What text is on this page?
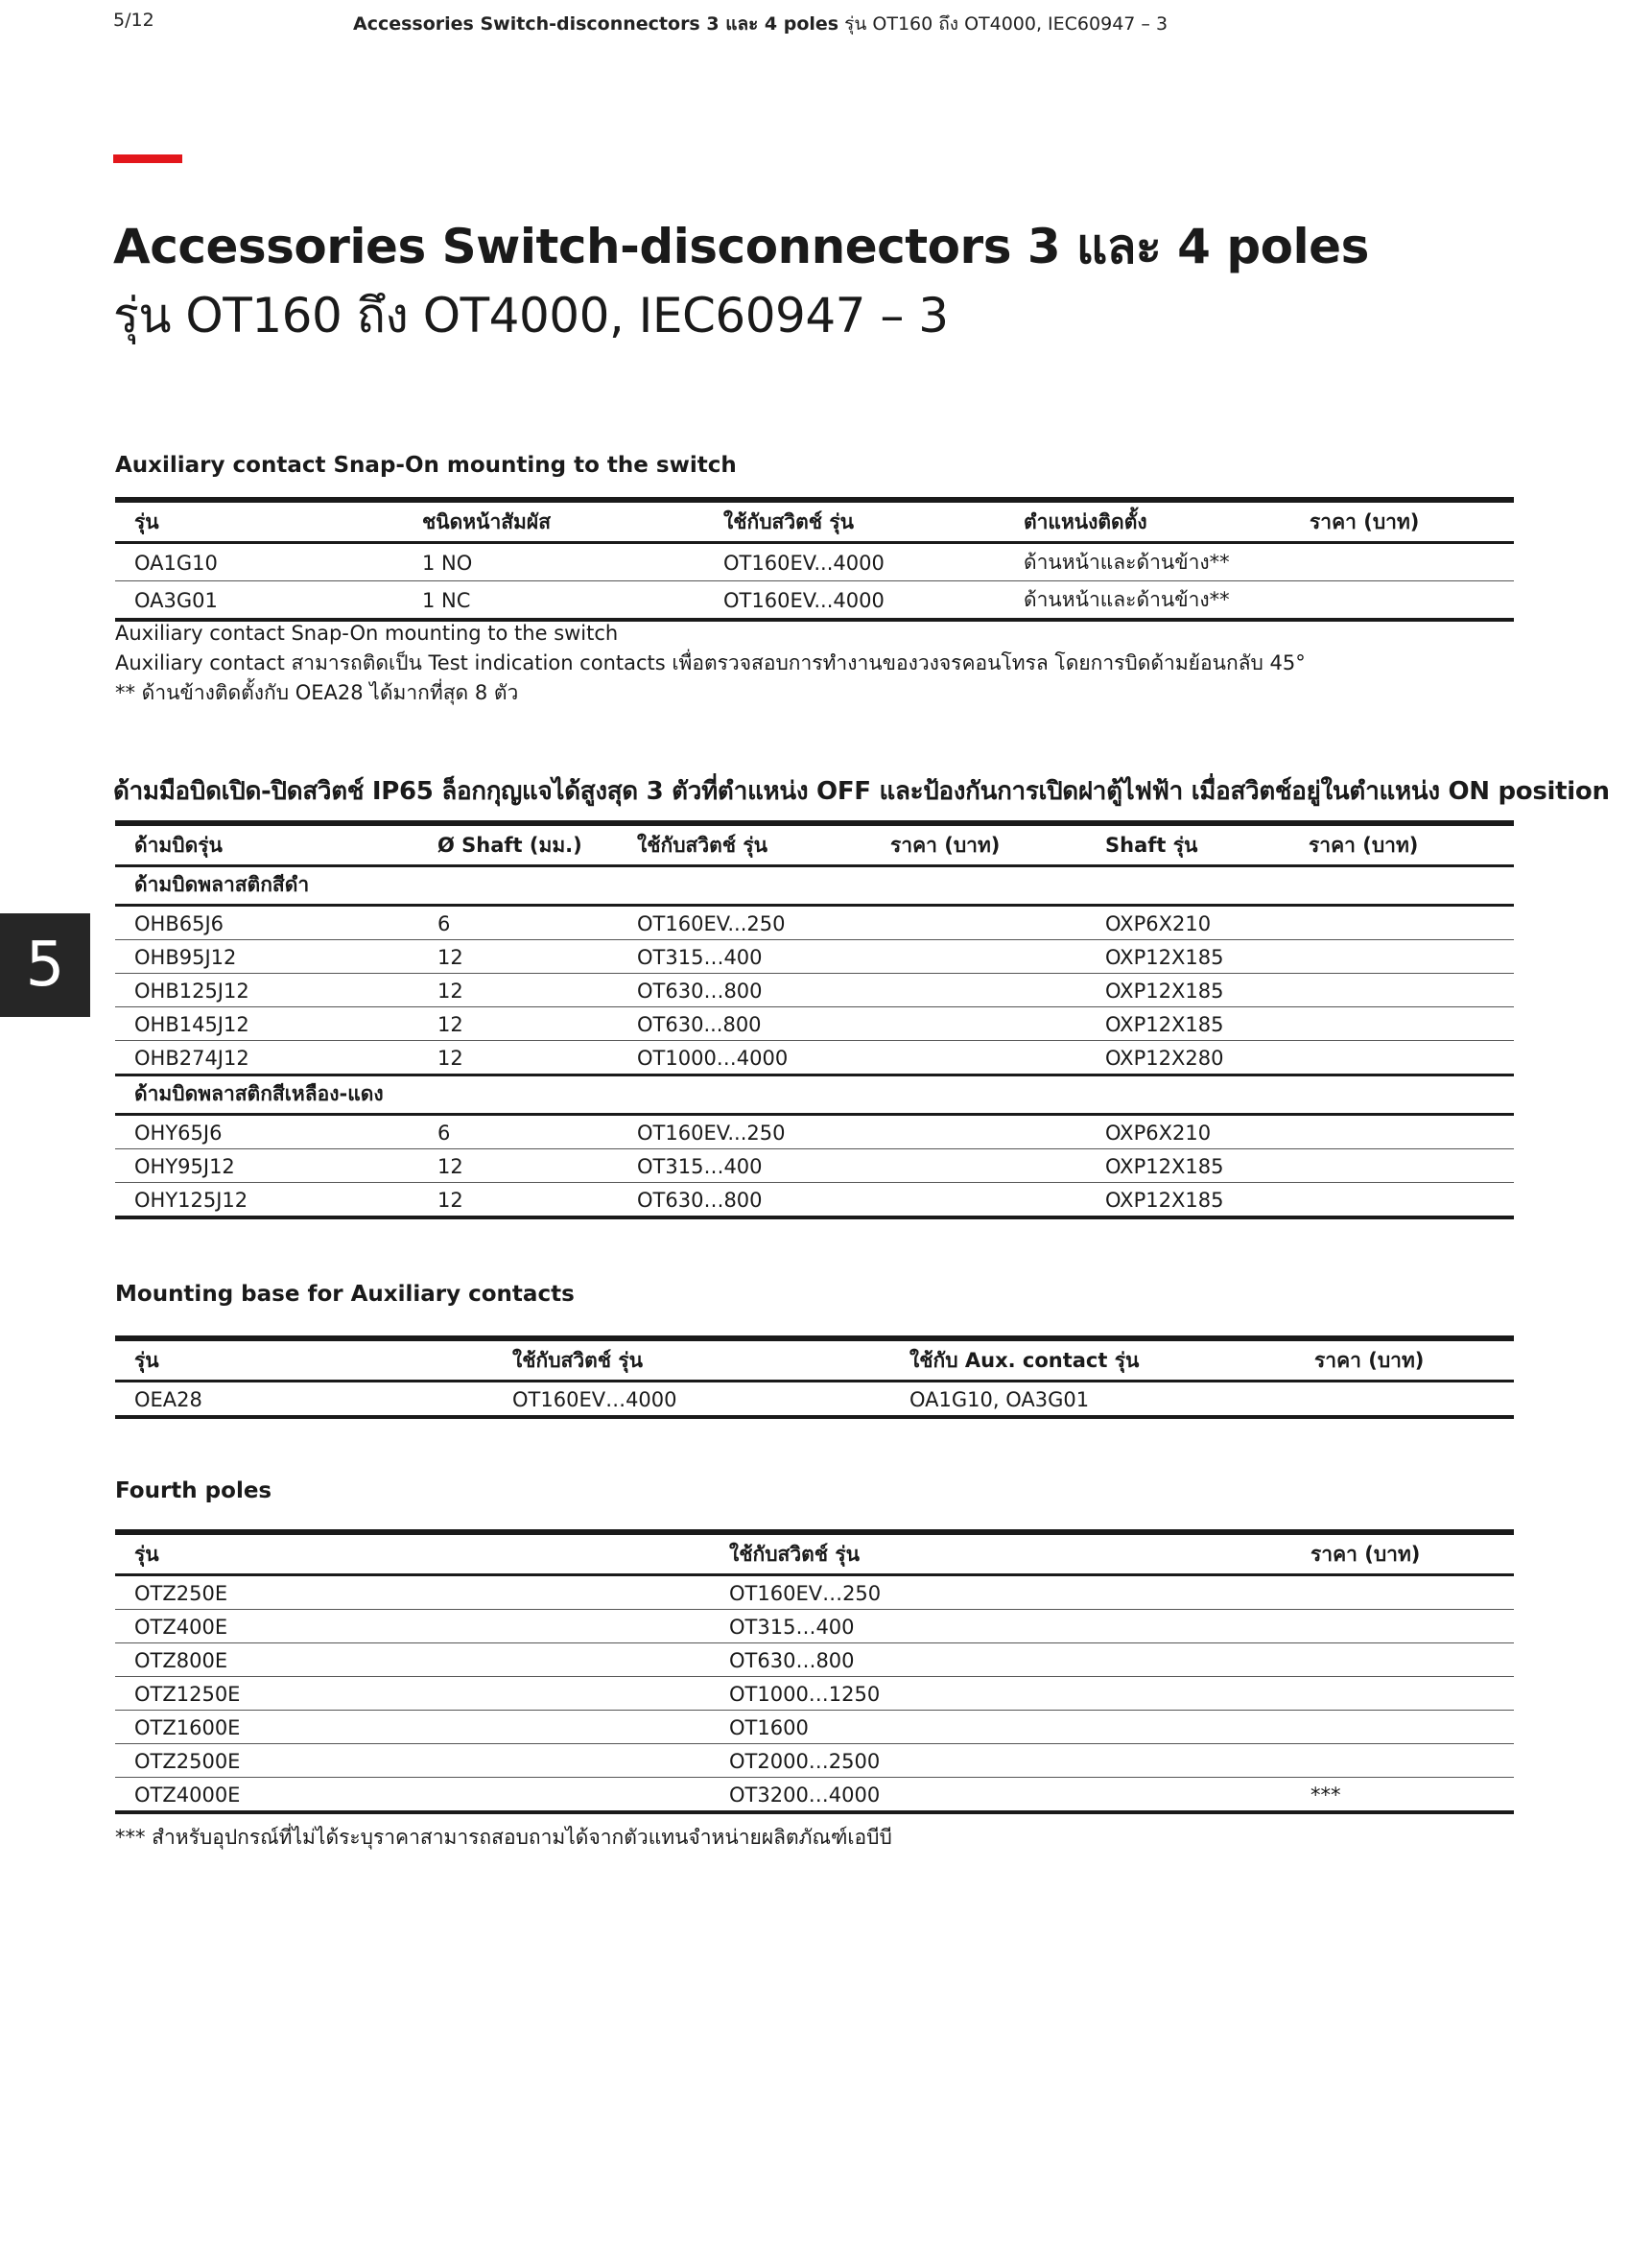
5/12	Accessories Switch-disconnectors 3 และ 4 poles รุ่น OT160 ถึง OT4000, IEC60947 – 3
Accessories Switch-disconnectors 3 และ 4 poles
รุ่น OT160 ถึง OT4000, IEC60947 – 3
5
Auxiliary contact Snap-On mounting to the switch
รุ่น	ชนิดหน้าสัมผัส	ใช้กับสวิตช์ รุ่น	ตำแหน่งติดตั้ง	ราคา (บาท)
OA1G10	1 NO	OT160EV...4000	ด้านหน้าและด้านข้าง**	
OA3G01	1 NC	OT160EV...4000	ด้านหน้าและด้านข้าง**	
Auxiliary contact Snap-On mounting to the switch
Auxiliary contact สามารถติดเป็น Test indication contacts เพื่อตรวจสอบการทำงานของวงจรคอนโทรล โดยการบิดด้ามย้อนกลับ 45°
** ด้านข้างติดตั้งกับ OEA28 ได้มากที่สุด 8 ตัว
ด้ามมือบิดเปิด-ปิดสวิตช์ IP65 ล็อกกุญแจได้สูงสุด 3 ตัวที่ตำแหน่ง OFF และป้องกันการเปิดฝาตู้ไฟฟ้า เมื่อสวิตช์อยู่ในตำแหน่ง ON position
ด้ามบิดรุ่น	Ø Shaft (มม.)	ใช้กับสวิตช์ รุ่น	ราคา (บาท)	Shaft รุ่น	ราคา (บาท)
ด้ามบิดพลาสติกสีดำ					
OHB65J6	6	OT160EV...250		OXP6X210	
OHB95J12	12	OT315…400		OXP12X185	
OHB125J12	12	OT630…800		OXP12X185	
OHB145J12	12	OT630...800		OXP12X185	
OHB274J12	12	OT1000…4000		OXP12X280	
ด้ามบิดพลาสติกสีเหลือง-แดง					
OHY65J6	6	OT160EV...250		OXP6X210	
OHY95J12	12	OT315…400		OXP12X185	
OHY125J12	12	OT630…800		OXP12X185	
Mounting base for Auxiliary contacts
รุ่น	ใช้กับสวิตช์ รุ่น	ใช้กับ Aux. contact รุ่น	ราคา (บาท)
OEA28	OT160EV…4000	OA1G10, OA3G01	
Fourth poles
รุ่น	ใช้กับสวิตช์ รุ่น	ราคา (บาท)
OTZ250E	OT160EV…250	
OTZ400E	OT315…400	
OTZ800E	OT630…800	
OTZ1250E	OT1000…1250	
OTZ1600E	OT1600	
OTZ2500E	OT2000…2500	
OTZ4000E	OT3200…4000	***
*** สำหรับอุปกรณ์ที่ไม่ได้ระบุราคาสามารถสอบถามได้จากตัวแทนจำหน่ายผลิตภัณฑ์เอบีบี
